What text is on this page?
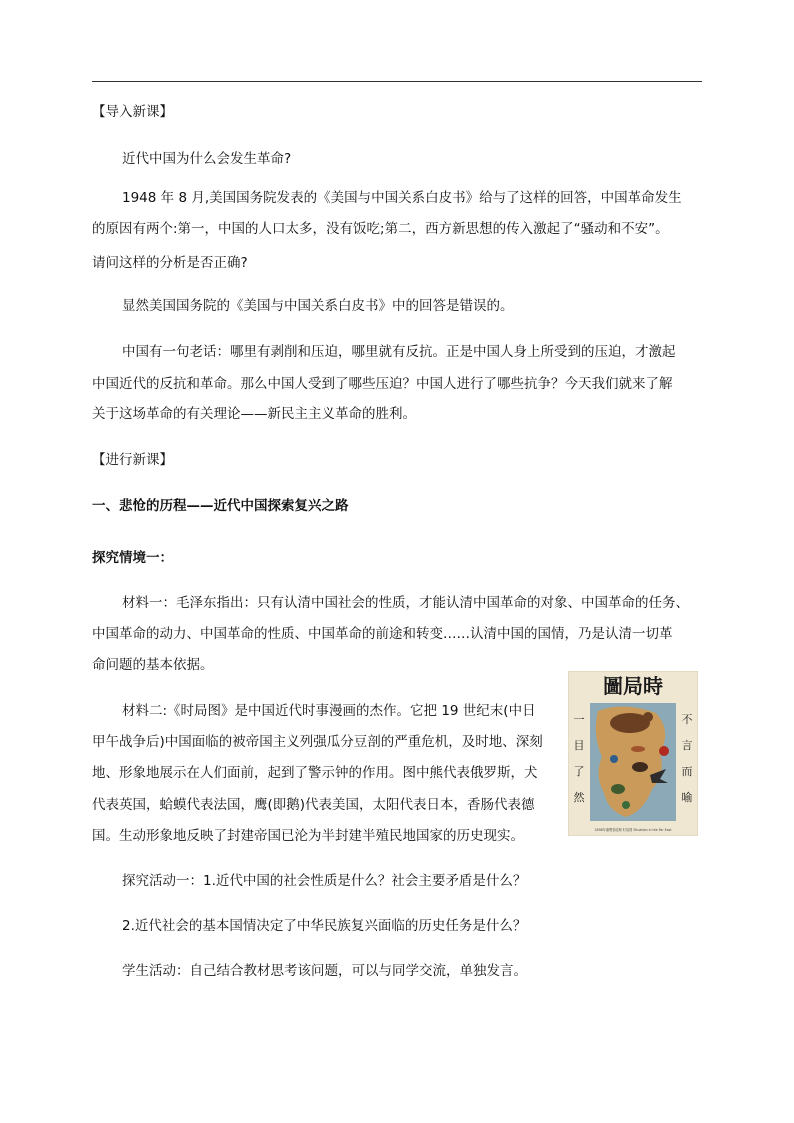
【导入新课】
近代中国为什么会发生革命?
1948 年 8 月,美国国务院发表的《美国与中国关系白皮书》给与了这样的回答，中国革命发生
的原因有两个:第一，中国的人口太多，没有饭吃;第二，西方新思想的传入激起了“骚动和不安”。
请问这样的分析是否正确?
显然美国国务院的《美国与中国关系白皮书》中的回答是错误的。
中国有一句老话：哪里有剥削和压迫，哪里就有反抗。正是中国人身上所受到的压迫，才激起
中国近代的反抗和革命。那么中国人受到了哪些压迫？中国人进行了哪些抗争？今天我们就来了解
关于这场革命的有关理论——新民主主义革命的胜利。
【进行新课】
一、悲怆的历程——近代中国探索复兴之路
探究情境一：
材料一：毛泽东指出：只有认清中国社会的性质，才能认清中国革命的对象、中国革命的任务、
中国革命的动力、中国革命的性质、中国革命的前途和转变……认清中国的国情，乃是认清一切革
命问题的基本依据。
材料二:《时局图》是中国近代时事漫画的杰作。它把 19 世纪末(中日
甲午战争后)中国面临的被帝国主义列强瓜分豆剖的严重危机，及时地、深刻
地、形象地展示在人们面前，起到了警示钟的作用。图中熊代表俄罗斯，犬
代表英国，蛤蟆代表法国，鹰(即鹅)代表美国，太阳代表日本，香肠代表德
国。生动形象地反映了封建帝国已沦为半封建半殖民地国家的历史现实。
探究活动一：1.近代中国的社会性质是什么？社会主要矛盾是什么？
2.近代社会的基本国情决定了中华民族复兴面临的历史任务是什么？
学生活动：自己结合教材思考该问题，可以与同学交流，单独发言。
圖局時
一
目
了
然
不
言
而
喻
1898年谢缵泰绘制 时局图 Situation in the Far East
